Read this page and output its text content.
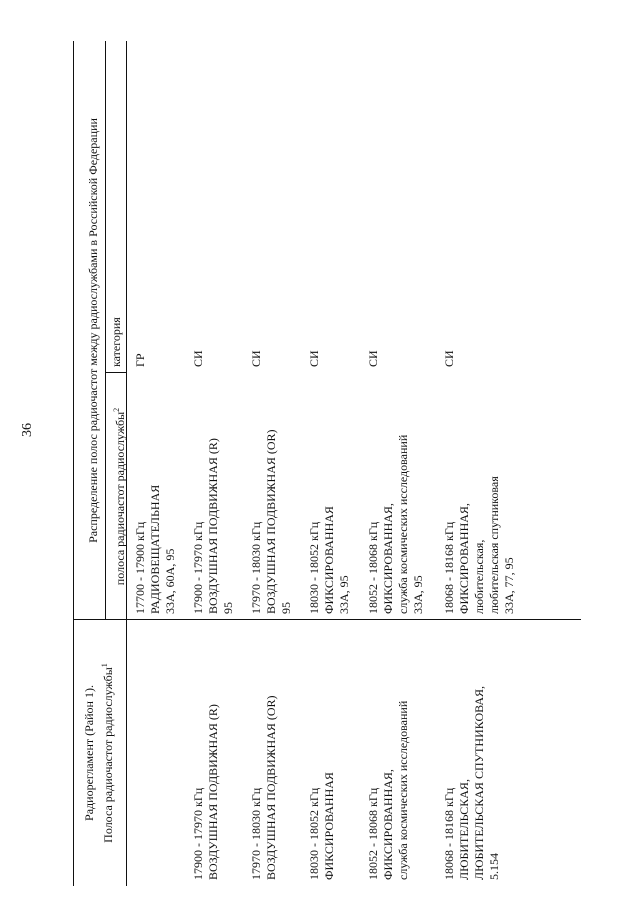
36
Радиорегламент (Район 1). Полоса радиочастот радиослужбы$^1$
Распределение полос радиочастот между радиослужбами в Российской Федерации	полоса радиочастот радиослужбы$^2$
категория
17700 - 17900 кГц РАДИОВЕЩАТЕЛЬНАЯ 33A, 60A, 95
ГР
17900 - 17970 кГц ВОЗДУШНАЯ ПОДВИЖНАЯ (R)
17900 - 17970 кГц ВОЗДУШНАЯ ПОДВИЖНАЯ (R) 95
СИ
17970 - 18030 кГц ВОЗДУШНАЯ ПОДВИЖНАЯ (OR)
17970 - 18030 кГц ВОЗДУШНАЯ ПОДВИЖНАЯ (OR) 95
СИ
18030 - 18052 кГц ФИКСИРОВАННАЯ
18030 - 18052 кГц ФИКСИРОВАННАЯ 33A, 95
СИ
18052 - 18068 кГц ФИКСИРОВАННАЯ, служба космических исследований
18052 - 18068 кГц ФИКСИРОВАННАЯ, служба космических исследований 33A, 95
СИ
18068 - 18168 кГц ЛЮБИТЕЛЬСКАЯ, ЛЮБИТЕЛЬСКАЯ СПУТНИКОВАЯ, 5.154
18068 - 18168 кГц ФИКСИРОВАННАЯ, любительская, любительская спутниковая 33A, 77, 95
СИ
